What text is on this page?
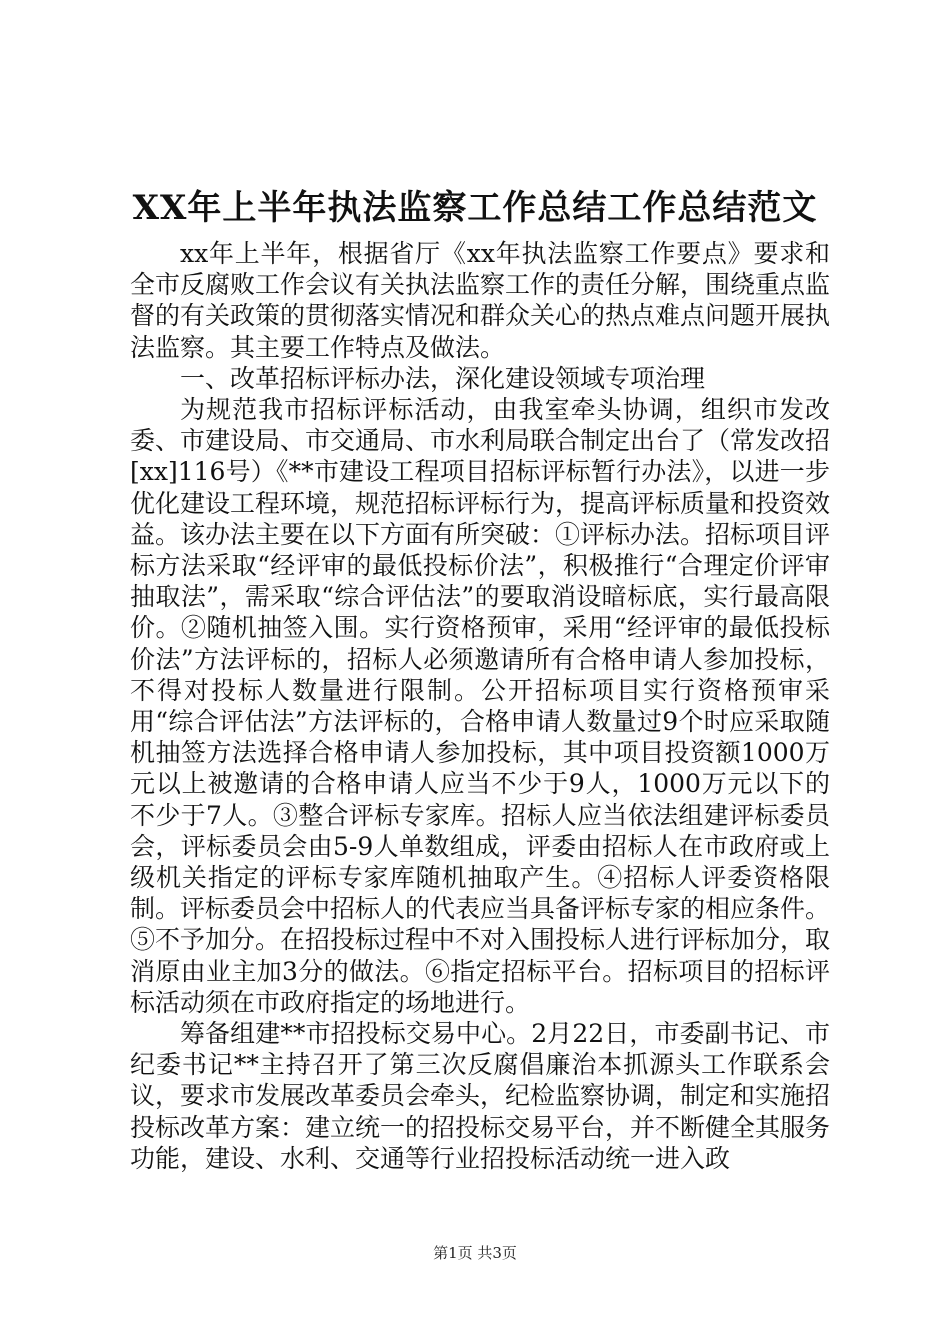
XX年上半年执法监察工作总结工作总结范文

xx年上半年，根据省厅《xx年执法监察工作要点》要求和全市反腐败工作会议有关执法监察工作的责任分解，围绕重点监督的有关政策的贯彻落实情况和群众关心的热点难点问题开展执法监察。其主要工作特点及做法。

一、改革招标评标办法，深化建设领域专项治理

为规范我市招标评标活动，由我室牵头协调，组织市发改委、市建设局、市交通局、市水利局联合制定出台了（常发改招[xx]116号）《**市建设工程项目招标评标暂行办法》，以进一步优化建设工程环境，规范招标评标行为，提高评标质量和投资效益。该办法主要在以下方面有所突破：①评标办法。招标项目评标方法采取“经评审的最低投标价法”，积极推行“合理定价评审抽取法”，需采取“综合评估法”的要取消设暗标底，实行最高限价。②随机抽签入围。实行资格预审，采用“经评审的最低投标价法”方法评标的，招标人必须邀请所有合格申请人参加投标，不得对投标人数量进行限制。公开招标项目实行资格预审采用“综合评估法”方法评标的，合格申请人数量过9个时应采取随机抽签方法选择合格申请人参加投标，其中项目投资额1000万元以上被邀请的合格申请人应当不少于9人，1000万元以下的不少于7人。③整合评标专家库。招标人应当依法组建评标委员会，评标委员会由5-9人单数组成，评委由招标人在市政府或上级机关指定的评标专家库随机抽取产生。④招标人评委资格限制。评标委员会中招标人的代表应当具备评标专家的相应条件。⑤不予加分。在招投标过程中不对入围投标人进行评标加分，取消原由业主加3分的做法。⑥指定招标平台。招标项目的招标评标活动须在市政府指定的场地进行。

筹备组建**市招投标交易中心。2月22日，市委副书记、市纪委书记**主持召开了第三次反腐倡廉治本抓源头工作联系会议，要求市发展改革委员会牵头，纪检监察协调，制定和实施招投标改革方案：建立统一的招投标交易平台，并不断健全其服务功能，建设、水利、交通等行业招投标活动统一进入政

第1页 共3页
